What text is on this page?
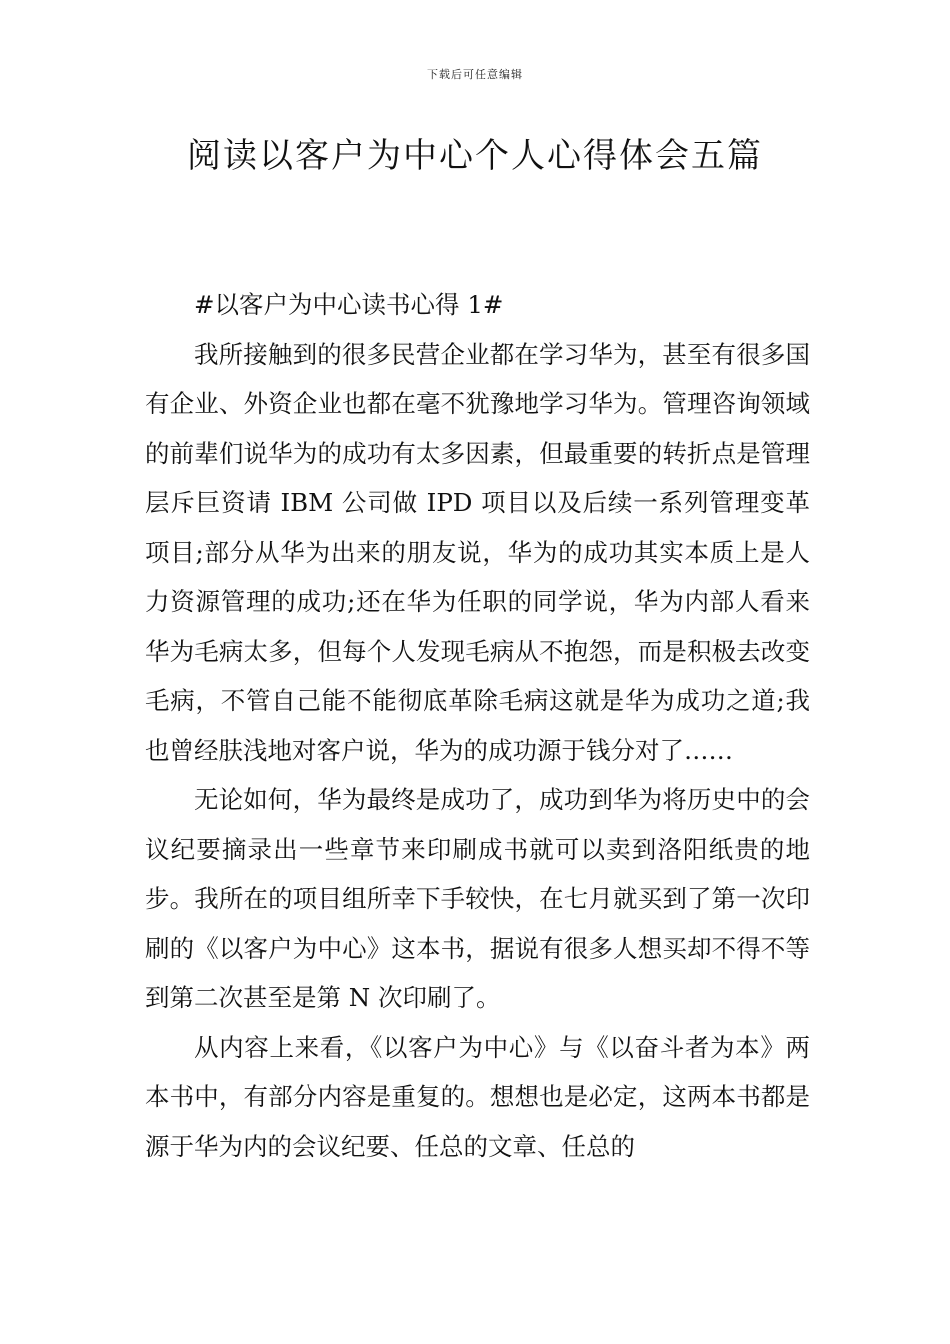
下载后可任意编辑
阅读以客户为中心个人心得体会五篇

#以客户为中心读书心得 1#

我所接触到的很多民营企业都在学习华为，甚至有很多国有企业、外资企业也都在毫不犹豫地学习华为。管理咨询领域的前辈们说华为的成功有太多因素，但最重要的转折点是管理层斥巨资请 IBM 公司做 IPD 项目以及后续一系列管理变革项目;部分从华为出来的朋友说，华为的成功其实本质上是人力资源管理的成功;还在华为任职的同学说，华为内部人看来华为毛病太多，但每个人发现毛病从不抱怨，而是积极去改变毛病，不管自己能不能彻底革除毛病这就是华为成功之道;我也曾经肤浅地对客户说，华为的成功源于钱分对了……

无论如何，华为最终是成功了，成功到华为将历史中的会议纪要摘录出一些章节来印刷成书就可以卖到洛阳纸贵的地步。我所在的项目组所幸下手较快，在七月就买到了第一次印刷的《以客户为中心》这本书，据说有很多人想买却不得不等到第二次甚至是第 N 次印刷了。

从内容上来看，《以客户为中心》与《以奋斗者为本》两本书中，有部分内容是重复的。想想也是必定，这两本书都是源于华为内的会议纪要、任总的文章、任总的
